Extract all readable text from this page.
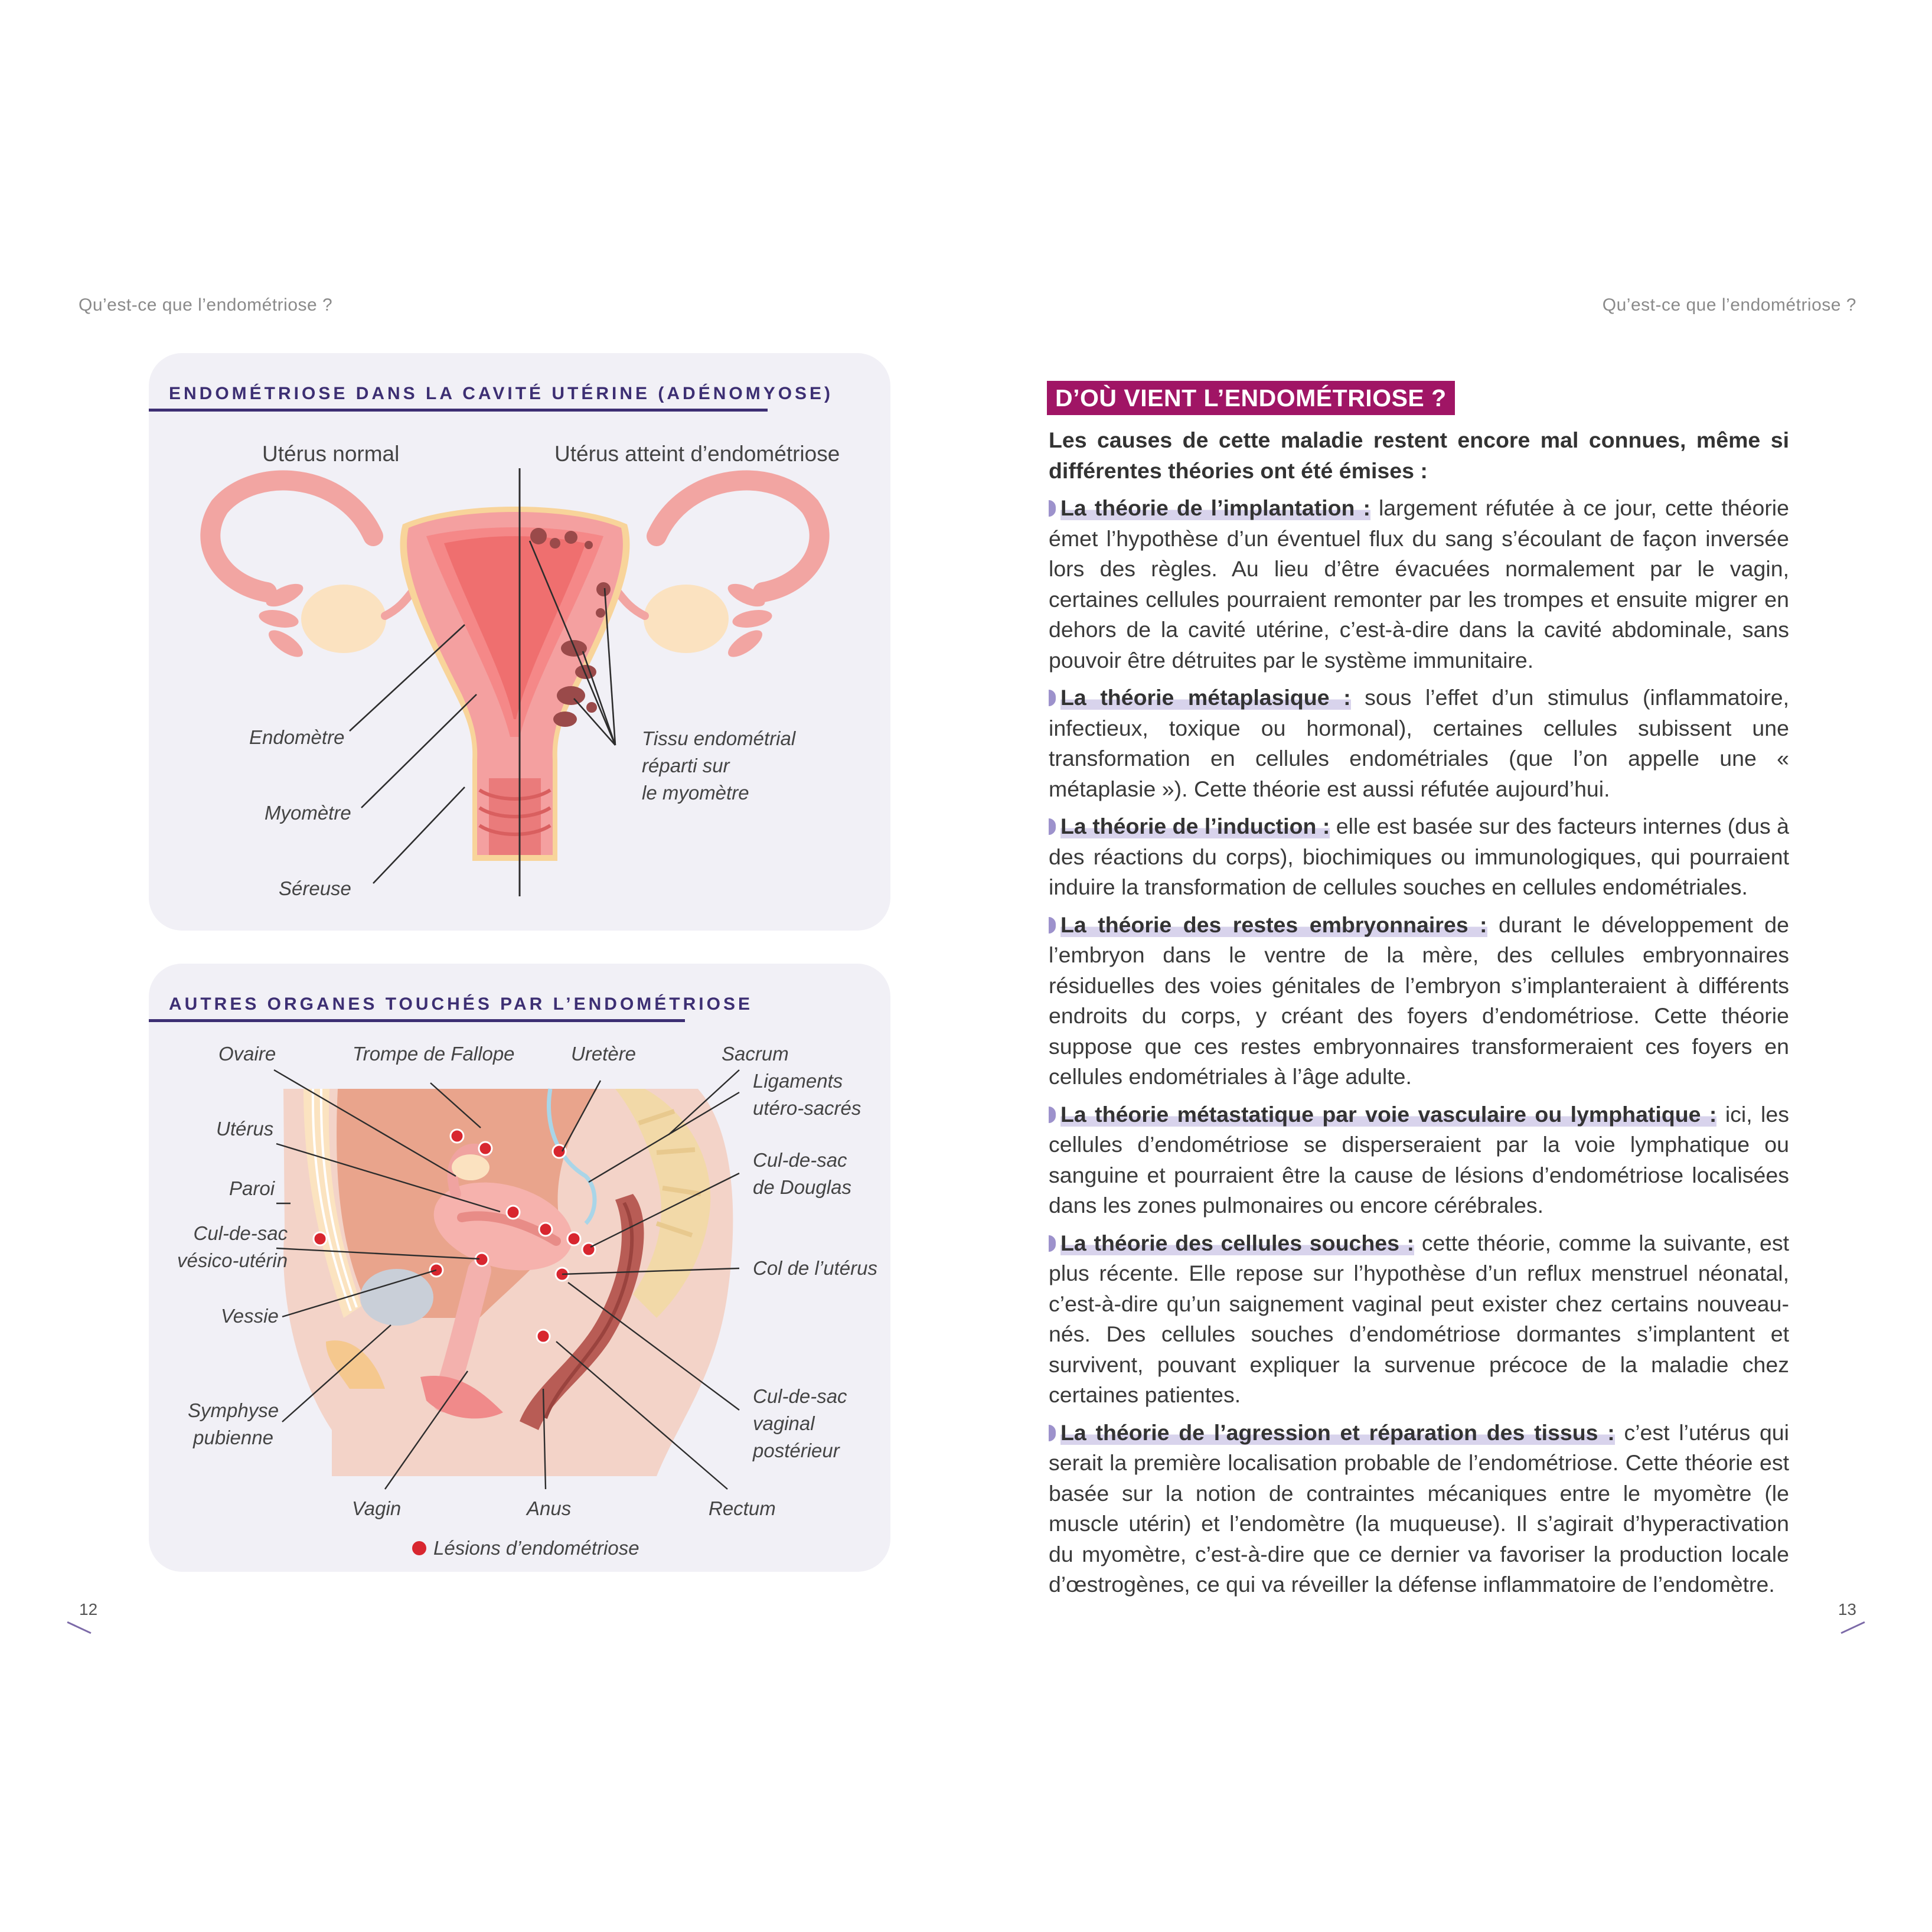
Qu’est-ce que l’endométriose ?	Qu’est-ce que l’endométriose ?
ENDOMÉTRIOSE DANS LA CAVITÉ UTÉRINE (ADÉNOMYOSE)
Utérus normal	Utérus atteint d’endométriose
Endomètre
Myomètre
Séreuse
Tissu endométrial
réparti sur
le myomètre
AUTRES ORGANES TOUCHÉS PAR L’ENDOMÉTRIOSE
Ovaire	Trompe de Fallope	Uretère	Sacrum
Utérus
Paroi
Cul-de-sac
vésico-utérin
Vessie
Symphyse
pubienne
Ligaments
utéro-sacrés
Cul-de-sac
de Douglas
Col de l’utérus
Cul-de-sac
vaginal
postérieur
Vagin	Anus	Rectum
Lésions d’endométriose
D’OÙ VIENT L’ENDOMÉTRIOSE ?

Les causes de cette maladie restent encore mal connues, même si différentes théories ont été émises :

La théorie de l’implantation : largement réfutée à ce jour, cette théorie émet l’hypothèse d’un éventuel flux du sang s’écoulant de façon inversée lors des règles. Au lieu d’être évacuées normalement par le vagin, certaines cellules pourraient remonter par les trompes et ensuite migrer en dehors de la cavité utérine, c’est-à-dire dans la cavité abdominale, sans pouvoir être détruites par le système immunitaire.

La théorie métaplasique : sous l’effet d’un stimulus (inflammatoire, infectieux, toxique ou hormonal), certaines cellules subissent une transformation en cellules endométriales (que l’on appelle une « métaplasie »). Cette théorie est aussi réfutée aujourd’hui.

La théorie de l’induction : elle est basée sur des facteurs internes (dus à des réactions du corps), biochimiques ou immunologiques, qui pourraient induire la transformation de cellules souches en cellules endométriales.

La théorie des restes embryonnaires : durant le développement de l’embryon dans le ventre de la mère, des cellules embryonnaires résiduelles des voies génitales de l’embryon s’implanteraient à différents endroits du corps, y créant des foyers d’endométriose. Cette théorie suppose que ces restes embryonnaires transformeraient ces foyers en cellules endométriales à l’âge adulte.

La théorie métastatique par voie vasculaire ou lymphatique : ici, les cellules d’endométriose se disperseraient par la voie lymphatique ou sanguine et pourraient être la cause de lésions d’endométriose localisées dans les zones pulmonaires ou encore cérébrales.

La théorie des cellules souches : cette théorie, comme la suivante, est plus récente. Elle repose sur l’hypothèse d’un reflux menstruel néonatal, c’est-à-dire qu’un saignement vaginal peut exister chez certains nouveau-nés. Des cellules souches d’endométriose dormantes s’implantent et survivent, pouvant expliquer la survenue précoce de la maladie chez certaines patientes.

La théorie de l’agression et réparation des tissus : c’est l’utérus qui serait la première localisation probable de l’endométriose. Cette théorie est basée sur la notion de contraintes mécaniques entre le myomètre (le muscle utérin) et l’endomètre (la muqueuse). Il s’agirait d’hyperactivation du myomètre, c’est-à-dire que ce dernier va favoriser la production locale d’œstrogènes, ce qui va réveiller la défense inflammatoire de l’endomètre.

12	13
